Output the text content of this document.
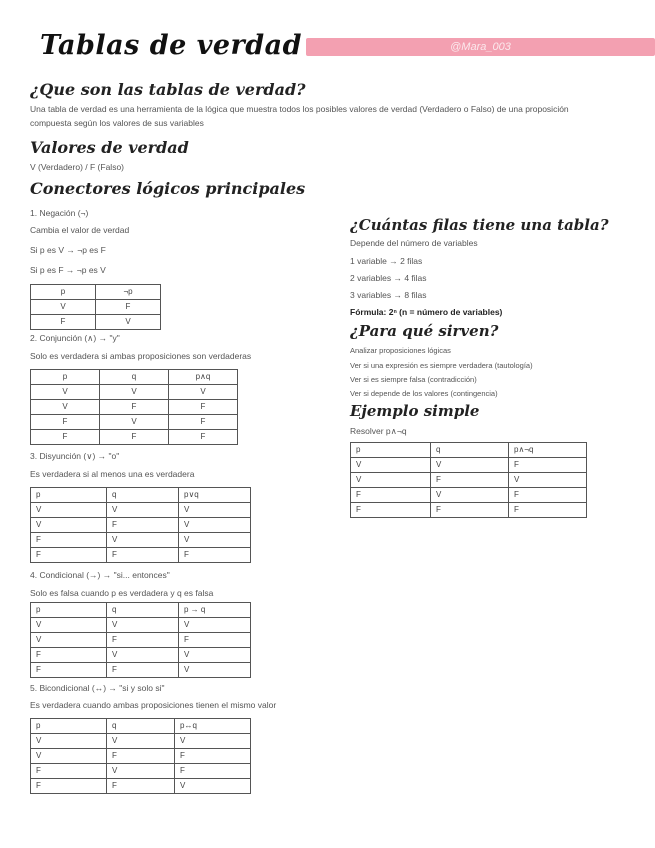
Tablas de verdad	@Mara_003
¿Que son las tablas de verdad?
Una tabla de verdad es una herramienta de la lógica que muestra todos los posibles valores de verdad (Verdadero o Falso) de una proposición
compuesta según los valores de sus variables
Valores de verdad
V (Verdadero) / F (Falso)
Conectores lógicos principales
1. Negación (¬)
Cambia el valor de verdad
Si p es V → ¬p es F
Si p es F → ¬p es V
p	¬p
V	F
F	V
2. Conjunción (∧) → "y"
Solo es verdadera si ambas proposiciones son verdaderas
p	q	p∧q
V	V	V
V	F	F
F	V	F
F	F	F
3. Disyunción (∨) → "o"
Es verdadera si al menos una es verdadera
p	q	p∨q
V	V	V
V	F	V
F	V	V
F	F	F
4. Condicional (→) → "si... entonces"
Solo es falsa cuando p es verdadera y q es falsa
p	q	p → q
V	V	V
V	F	F
F	V	V
F	F	V
5. Bicondicional (↔) → "si y solo si"
Es verdadera cuando ambas proposiciones tienen el mismo valor
p	q	p↔q
V	V	V
V	F	F
F	V	F
F	F	V
¿Cuántas filas tiene una tabla?
Depende del número de variables
1 variable → 2 filas
2 variables → 4 filas
3 variables → 8 filas
Fórmula: 2ⁿ (n = número de variables)
¿Para qué sirven?
Analizar proposiciones lógicas
Ver si una expresión es siempre verdadera (tautología)
Ver si es siempre falsa (contradicción)
Ver si depende de los valores (contingencia)
Ejemplo simple
Resolver p∧¬q
p	q	p∧¬q
V	V	F
V	F	V
F	V	F
F	F	F
